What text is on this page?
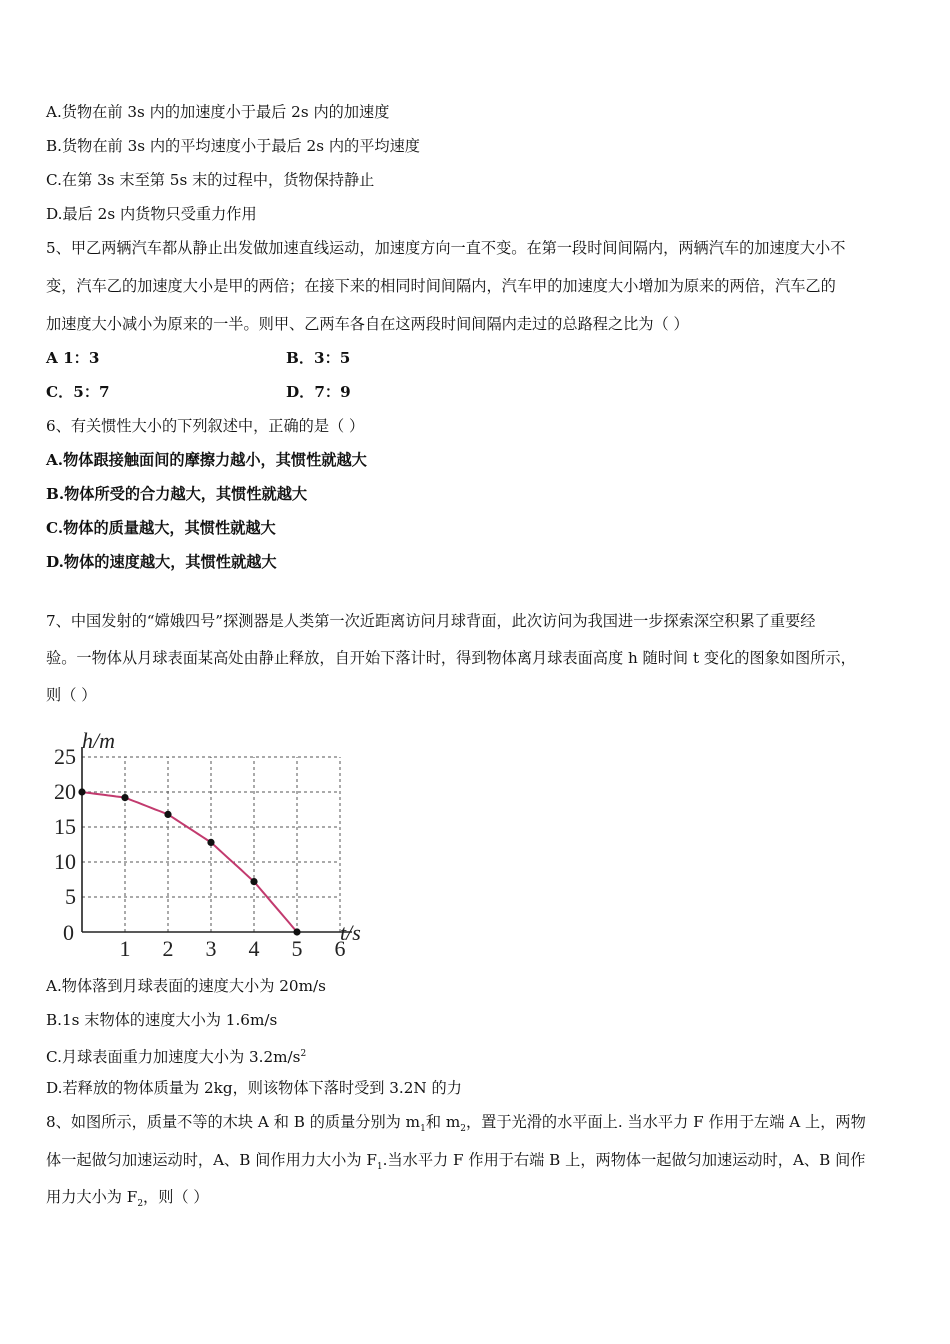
A.货物在前 3s 内的加速度小于最后 2s 内的加速度
B.货物在前 3s 内的平均速度小于最后 2s 内的平均速度
C.在第 3s 末至第 5s 末的过程中，货物保持静止
D.最后 2s 内货物只受重力作用
5、甲乙两辆汽车都从静止出发做加速直线运动，加速度方向一直不变。在第一段时间间隔内，两辆汽车的加速度大小不
变，汽车乙的加速度大小是甲的两倍；在接下来的相同时间间隔内，汽车甲的加速度大小增加为原来的两倍，汽车乙的
加速度大小减小为原来的一半。则甲、乙两车各自在这两段时间间隔内走过的总路程之比为（ ）
A 1：3	B．3：5
C．5：7	D．7：9
6、有关惯性大小的下列叙述中，正确的是（ ）
A.物体跟接触面间的摩擦力越小，其惯性就越大
B.物体所受的合力越大，其惯性就越大
C.物体的质量越大，其惯性就越大
D.物体的速度越大，其惯性就越大
7、中国发射的“嫦娥四号”探测器是人类第一次近距离访问月球背面，此次访问为我国进一步探索深空积累了重要经
验。一物体从月球表面某高处由静止释放，自开始下落计时，得到物体离月球表面高度 h 随时间 t 变化的图象如图所示，
则（ ）
1 2 3 4 5 6
5
10
15
20
25
0
h/m
t/s
A.物体落到月球表面的速度大小为 20m/s
B.1s 末物体的速度大小为 1.6m/s
C.月球表面重力加速度大小为 $3.2m/s^2$
D.若释放的物体质量为 2kg，则该物体下落时受到 3.2N 的力
8、如图所示，质量不等的木块 A 和 B 的质量分别为 $m_1$和 $m_2$，置于光滑的水平面上. 当水平力 F 作用于左端 A 上，两物
体一起做匀加速运动时，A、B 间作用力大小为 $F_1$.当水平力 F 作用于右端 B 上，两物体一起做匀加速运动时，A、B 间作
用力大小为 $F_2$，则（ ）
